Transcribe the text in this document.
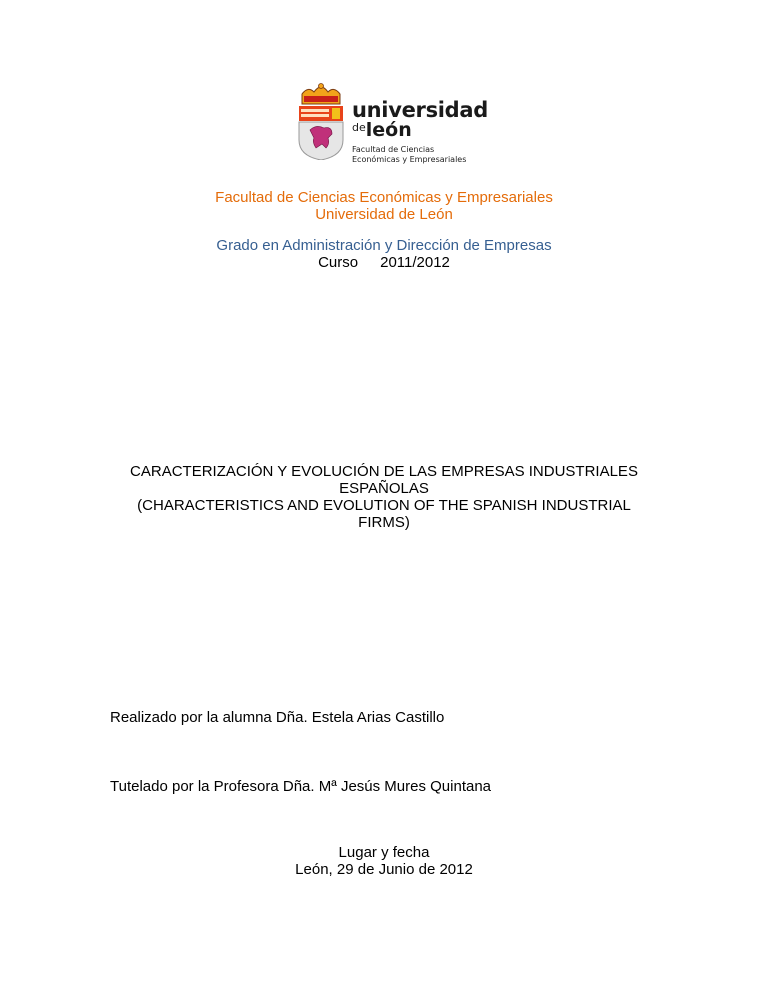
universidad
$^{de}$león
Facultad de Ciencias
Económicas y Empresariales
Facultad de Ciencias Económicas y Empresariales
Universidad de León
Grado en Administración y Dirección de Empresas
Curso 2011/2012
CARACTERIZACIÓN Y EVOLUCIÓN DE LAS EMPRESAS INDUSTRIALES
ESPAÑOLAS
(CHARACTERISTICS AND EVOLUTION OF THE SPANISH INDUSTRIAL
FIRMS)
Realizado por la alumna Dña. Estela Arias Castillo
Tutelado por la Profesora Dña. Mª Jesús Mures Quintana
Lugar y fecha
León, 29 de Junio de 2012
